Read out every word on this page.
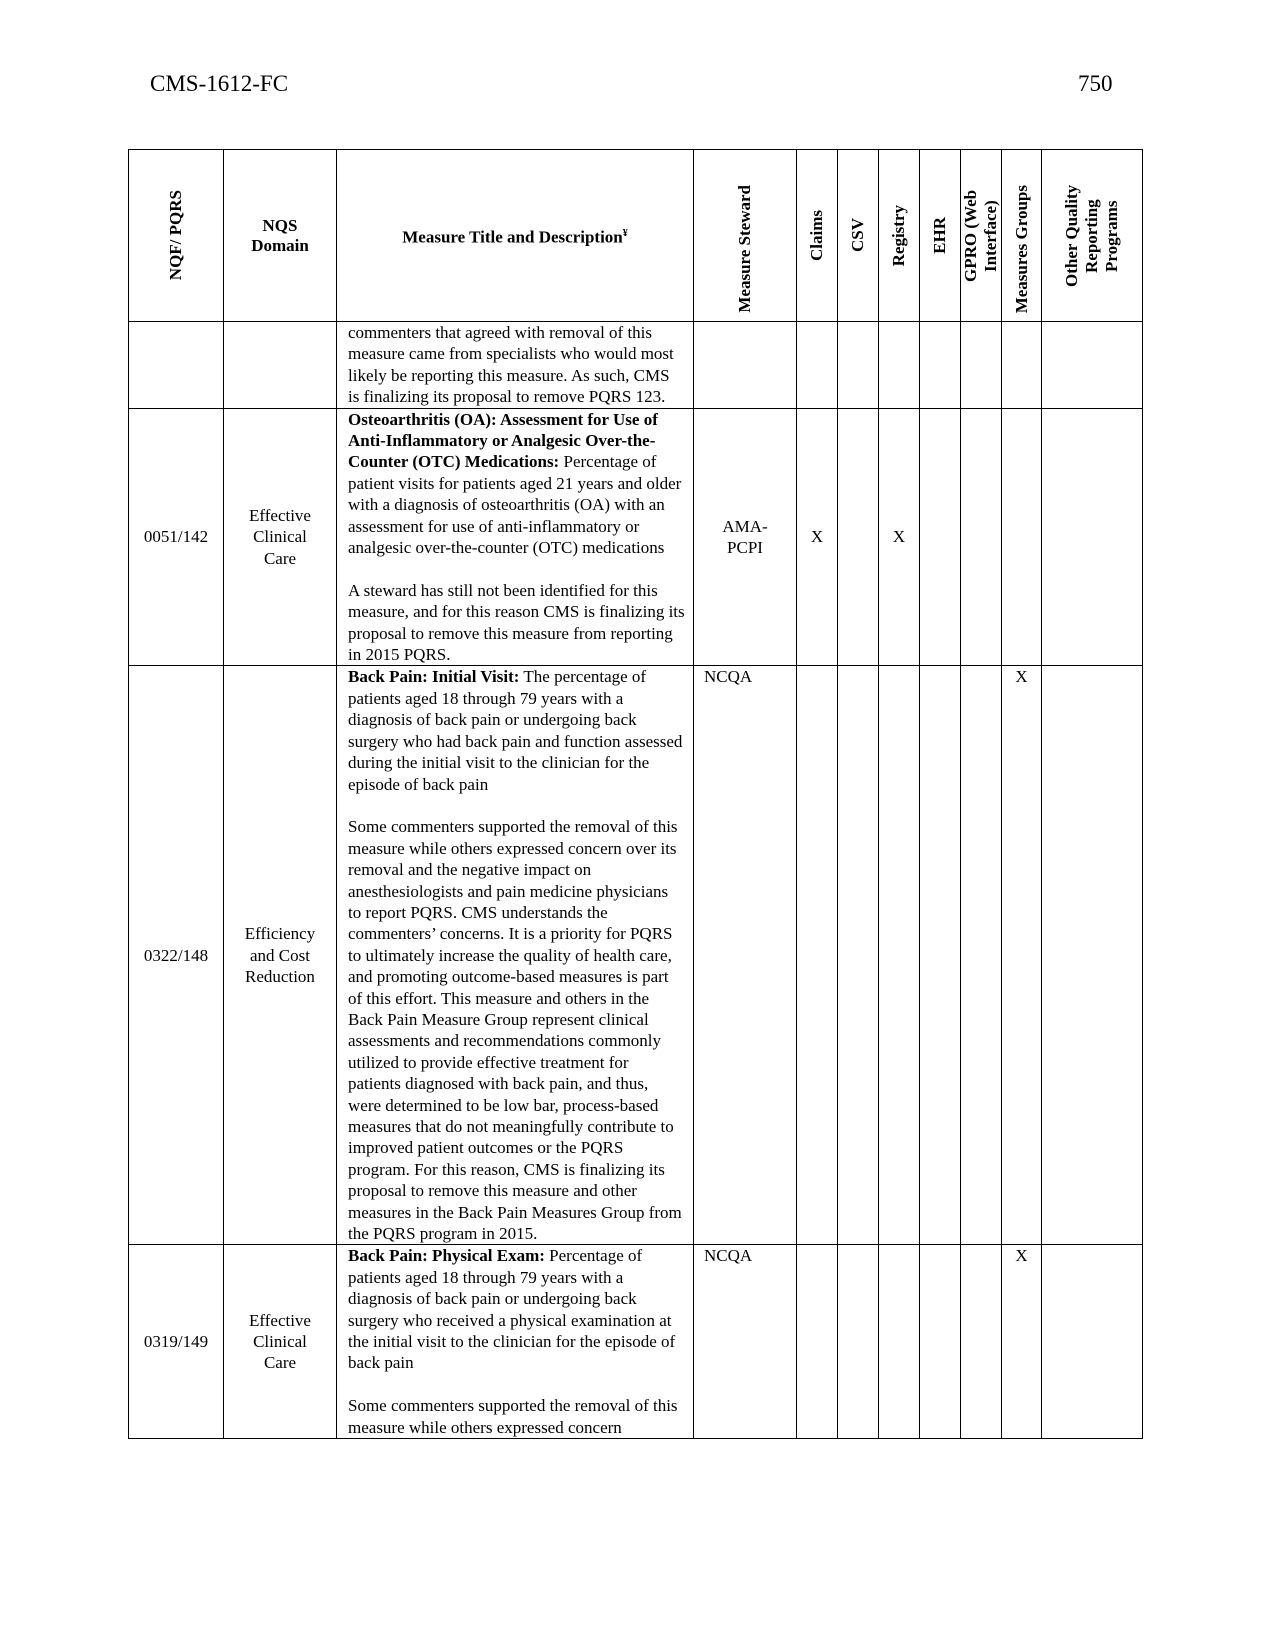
CMS-1612-FC	750
NQF/ PQRS	NQS Domain	Measure Title and Description¥	Measure Steward	Claims	CSV	Registry	EHR	GPRO (Web Interface)	Measures Groups	Other Quality Reporting Programs

		commenters that agreed with removal of this measure came from specialists who would most likely be reporting this measure. As such, CMS is finalizing its proposal to remove PQRS 123.								
0051/142	Effective Clinical Care	Osteoarthritis (OA): Assessment for Use of Anti-Inflammatory or Analgesic Over-the-Counter (OTC) Medications: Percentage of patient visits for patients aged 21 years and older with a diagnosis of osteoarthritis (OA) with an assessment for use of anti-inflammatory or analgesic over-the-counter (OTC) medications
A steward has still not been identified for this measure, and for this reason CMS is finalizing its proposal to remove this measure from reporting in 2015 PQRS.	AMA-PCPI	X		X				
0322/148	Efficiency and Cost Reduction	Back Pain: Initial Visit: The percentage of patients aged 18 through 79 years with a diagnosis of back pain or undergoing back surgery who had back pain and function assessed during the initial visit to the clinician for the episode of back pain
Some commenters supported the removal of this measure while others expressed concern over its removal and the negative impact on anesthesiologists and pain medicine physicians to report PQRS. CMS understands the commenters’ concerns. It is a priority for PQRS to ultimately increase the quality of health care, and promoting outcome-based measures is part of this effort. This measure and others in the Back Pain Measure Group represent clinical assessments and recommendations commonly utilized to provide effective treatment for patients diagnosed with back pain, and thus, were determined to be low bar, process-based measures that do not meaningfully contribute to improved patient outcomes or the PQRS program. For this reason, CMS is finalizing its proposal to remove this measure and other measures in the Back Pain Measures Group from the PQRS program in 2015.	NCQA						X	
0319/149	Effective Clinical Care	Back Pain: Physical Exam: Percentage of patients aged 18 through 79 years with a diagnosis of back pain or undergoing back surgery who received a physical examination at the initial visit to the clinician for the episode of back pain
Some commenters supported the removal of this measure while others expressed concern	NCQA						X	
